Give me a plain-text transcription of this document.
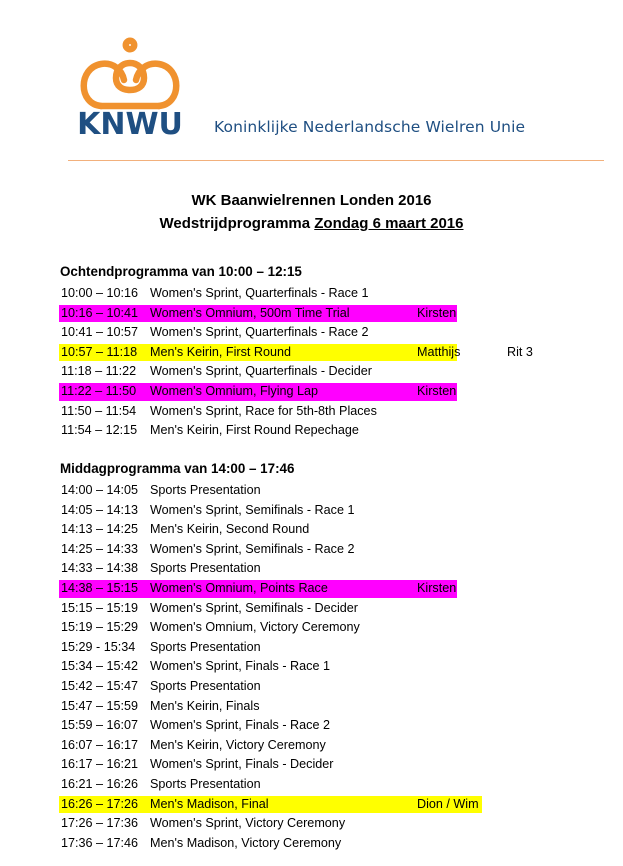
KNWU Koninklijke Nederlandsche Wielren Unie
WK Baanwielrennen Londen 2016
Wedstrijdprogramma Zondag 6 maart 2016
Ochtendprogramma van 10:00 – 12:15
10:00 – 10:16 Women's Sprint, Quarterfinals - Race 1
10:16 – 10:41 Women's Omnium, 500m Time Trial	Kirsten
10:41 – 10:57 Women's Sprint, Quarterfinals - Race 2
10:57 – 11:18 Men's Keirin, First Round	Matthijs	Rit 3
11:18 – 11:22 Women's Sprint, Quarterfinals - Decider
11:22 – 11:50 Women's Omnium, Flying Lap	Kirsten
11:50 – 11:54 Women's Sprint, Race for 5th-8th Places
11:54 – 12:15 Men's Keirin, First Round Repechage
Middagprogramma van 14:00 – 17:46
14:00 – 14:05 Sports Presentation
14:05 – 14:13 Women's Sprint, Semifinals - Race 1
14:13 – 14:25 Men's Keirin, Second Round
14:25 – 14:33 Women's Sprint, Semifinals - Race 2
14:33 – 14:38 Sports Presentation
14:38 – 15:15 Women's Omnium, Points Race	Kirsten
15:15 – 15:19 Women's Sprint, Semifinals - Decider
15:19 – 15:29 Women's Omnium, Victory Ceremony
15:29 - 15:34 Sports Presentation
15:34 – 15:42 Women's Sprint, Finals - Race 1
15:42 – 15:47 Sports Presentation
15:47 – 15:59 Men's Keirin, Finals
15:59 – 16:07 Women's Sprint, Finals - Race 2
16:07 – 16:17 Men's Keirin, Victory Ceremony
16:17 – 16:21 Women's Sprint, Finals - Decider
16:21 – 16:26 Sports Presentation
16:26 – 17:26 Men's Madison, Final	Dion / Wim
17:26 – 17:36 Women's Sprint, Victory Ceremony
17:36 – 17:46 Men's Madison, Victory Ceremony
